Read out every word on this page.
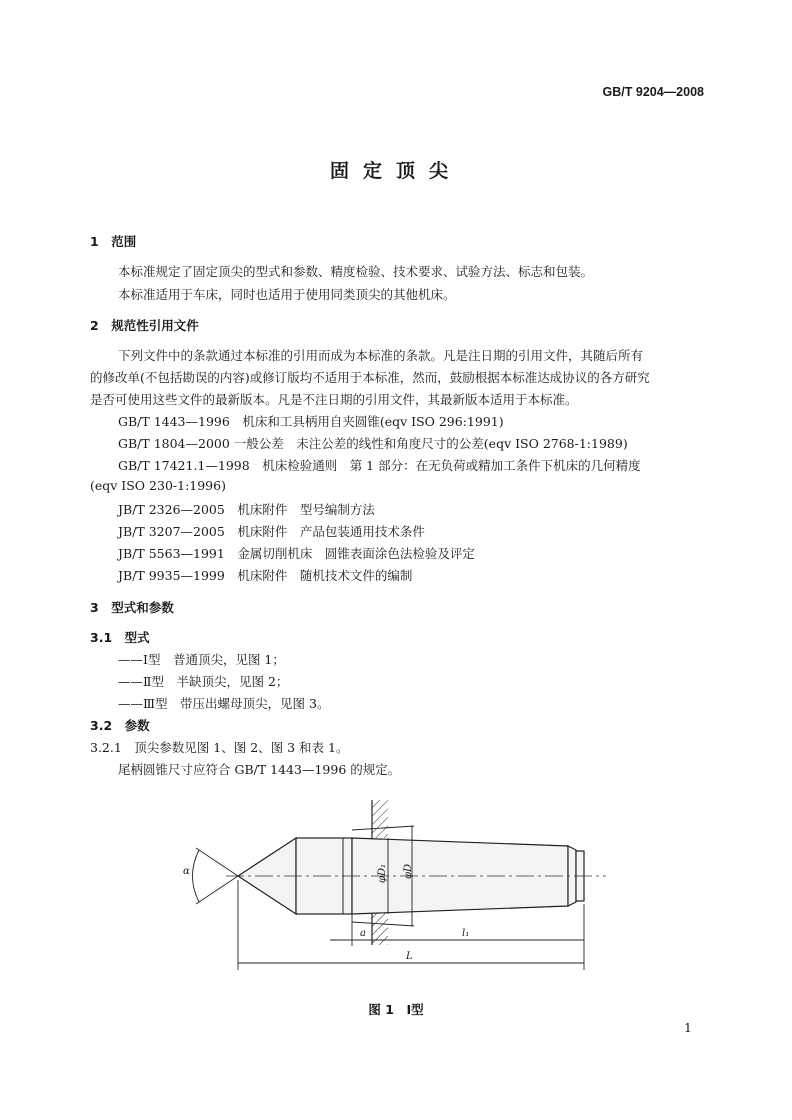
GB/T 9204—2008
固定顶尖
1　范围
本标准规定了固定顶尖的型式和参数、精度检验、技术要求、试验方法、标志和包装。
本标准适用于车床，同时也适用于使用同类顶尖的其他机床。
2　规范性引用文件
下列文件中的条款通过本标准的引用而成为本标准的条款。凡是注日期的引用文件，其随后所有
的修改单(不包括勘误的内容)或修订版均不适用于本标准，然而，鼓励根据本标准达成协议的各方研究
是否可使用这些文件的最新版本。凡是不注日期的引用文件，其最新版本适用于本标准。
GB/T 1443—1996　机床和工具柄用自夹圆锥(eqv ISO 296:1991)
GB/T 1804—2000 一般公差　未注公差的线性和角度尺寸的公差(eqv ISO 2768-1:1989)
GB/T 17421.1—1998　机床检验通则　第 1 部分：在无负荷或精加工条件下机床的几何精度
(eqv ISO 230-1:1996)
JB/T 2326—2005　机床附件　型号编制方法
JB/T 3207—2005　机床附件　产品包装通用技术条件
JB/T 5563—1991　金属切削机床　圆锥表面涂色法检验及评定
JB/T 9935—1999　机床附件　随机技术文件的编制
3　型式和参数
3.1　型式
——Ⅰ型　普通顶尖，见图 1；
——Ⅱ型　半缺顶尖，见图 2；
——Ⅲ型　带压出螺母顶尖，见图 3。
3.2　参数
3.2.1　顶尖参数见图 1、图 2、图 3 和表 1。
尾柄圆锥尺寸应符合 GB/T 1443—1996 的规定。
α	φD₁ φD
a	l₁
L
图 1　Ⅰ型
1
